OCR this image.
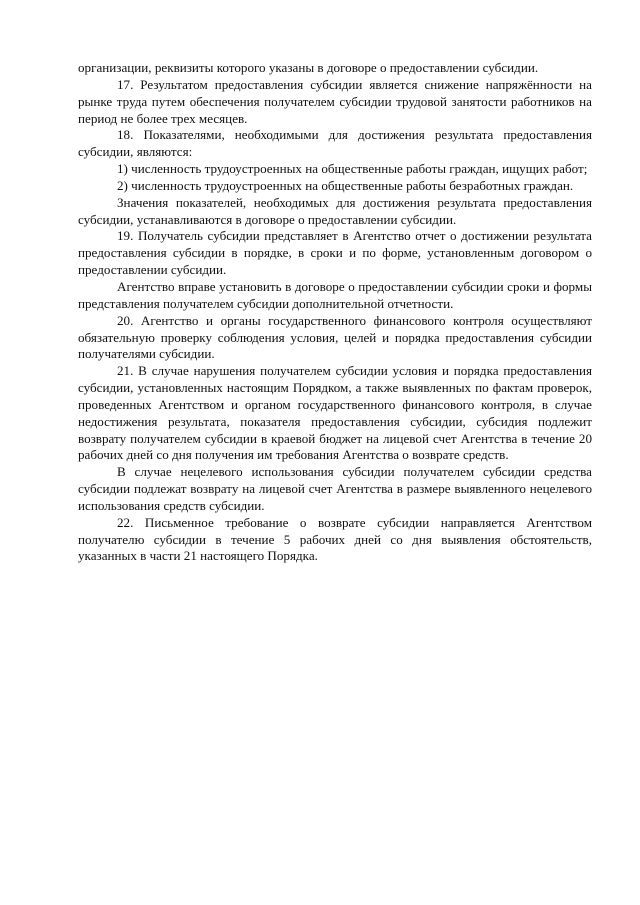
организации, реквизиты которого указаны в договоре о предоставлении субсидии.

17. Результатом предоставления субсидии является снижение напряжённости на рынке труда путем обеспечения получателем субсидии трудовой занятости работников на период не более трех месяцев.

18. Показателями, необходимыми для достижения результата предоставления субсидии, являются:

1) численность трудоустроенных на общественные работы граждан, ищущих работ;

2) численность трудоустроенных на общественные работы безработных граждан.

Значения показателей, необходимых для достижения результата предоставления субсидии, устанавливаются в договоре о предоставлении субсидии.

19. Получатель субсидии представляет в Агентство отчет о достижении результата предоставления субсидии в порядке, в сроки и по форме, установленным договором о предоставлении субсидии.

Агентство вправе установить в договоре о предоставлении субсидии сроки и формы представления получателем субсидии дополнительной отчетности.

20. Агентство и органы государственного финансового контроля осуществляют обязательную проверку соблюдения условия, целей и порядка предоставления субсидии получателями субсидии.

21. В случае нарушения получателем субсидии условия и порядка предоставления субсидии, установленных настоящим Порядком, а также выявленных по фактам проверок, проведенных Агентством и органом государственного финансового контроля, в случае недостижения результата, показателя предоставления субсидии, субсидия подлежит возврату получателем субсидии в краевой бюджет на лицевой счет Агентства в течение 20 рабочих дней со дня получения им требования Агентства о возврате средств.

В случае нецелевого использования субсидии получателем субсидии средства субсидии подлежат возврату на лицевой счет Агентства в размере выявленного нецелевого использования средств субсидии.

22. Письменное требование о возврате субсидии направляется Агентством получателю субсидии в течение 5 рабочих дней со дня выявления обстоятельств, указанных в части 21 настоящего Порядка.
